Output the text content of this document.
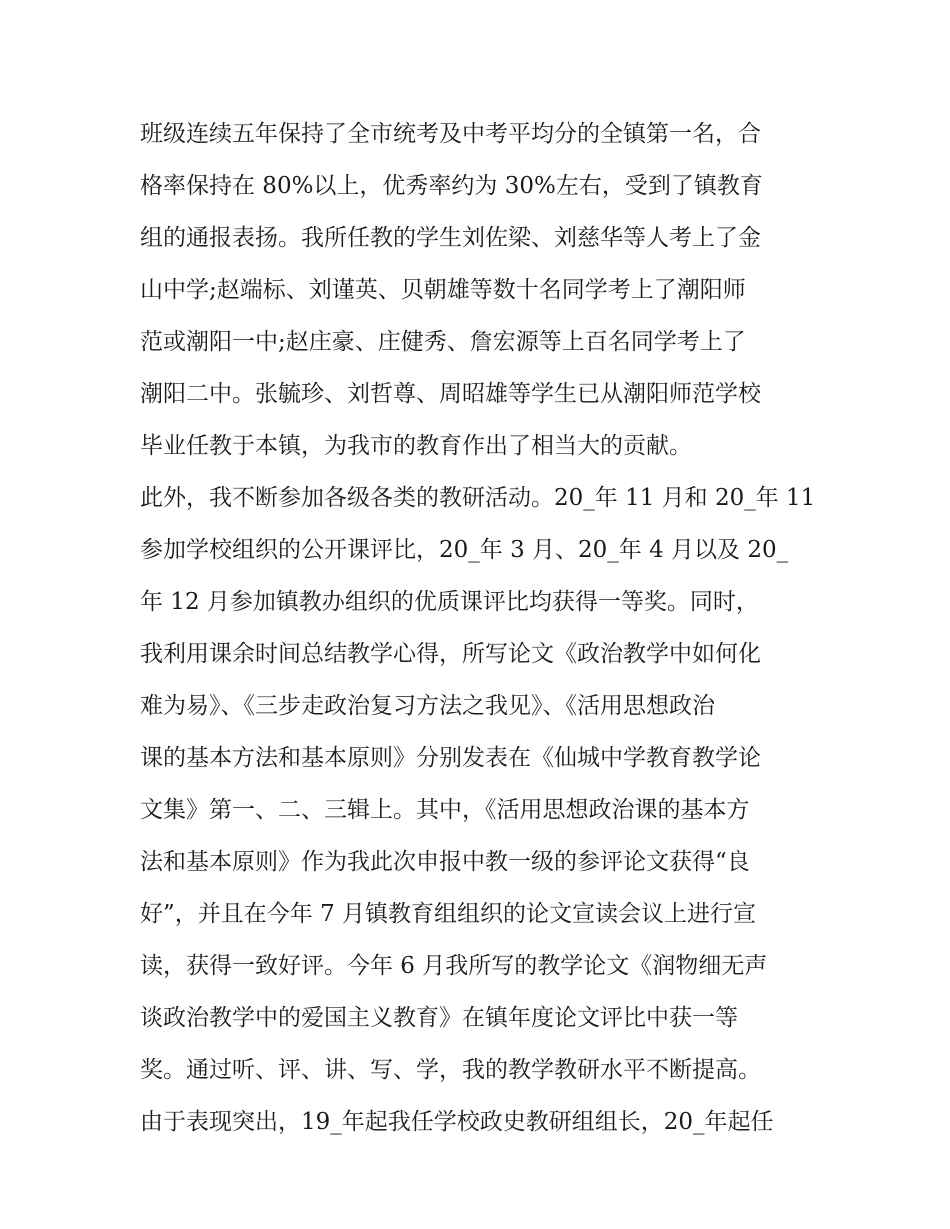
班级连续五年保持了全市统考及中考平均分的全镇第一名，合
格率保持在 80%以上，优秀率约为 30%左右，受到了镇教育
组的通报表扬。我所任教的学生刘佐梁、刘慈华等人考上了金
山中学;赵端标、刘谨英、贝朝雄等数十名同学考上了潮阳师
范或潮阳一中;赵庄豪、庄健秀、詹宏源等上百名同学考上了
潮阳二中。张毓珍、刘哲尊、周昭雄等学生已从潮阳师范学校
毕业任教于本镇，为我市的教育作出了相当大的贡献。
此外，我不断参加各级各类的教研活动。20_年 11 月和 20_年 11
参加学校组织的公开课评比，20_年 3 月、20_年 4 月以及 20_
年 12 月参加镇教办组织的优质课评比均获得一等奖。同时，
我利用课余时间总结教学心得，所写论文《政治教学中如何化
难为易》、《三步走政治复习方法之我见》、《活用思想政治
课的基本方法和基本原则》分别发表在《仙城中学教育教学论
文集》第一、二、三辑上。其中，《活用思想政治课的基本方
法和基本原则》作为我此次申报中教一级的参评论文获得“良
好”，并且在今年 7 月镇教育组组织的论文宣读会议上进行宣
读，获得一致好评。今年 6 月我所写的教学论文《润物细无声
谈政治教学中的爱国主义教育》在镇年度论文评比中获一等
奖。通过听、评、讲、写、学，我的教学教研水平不断提高。
由于表现突出，19_年起我任学校政史教研组组长，20_年起任
